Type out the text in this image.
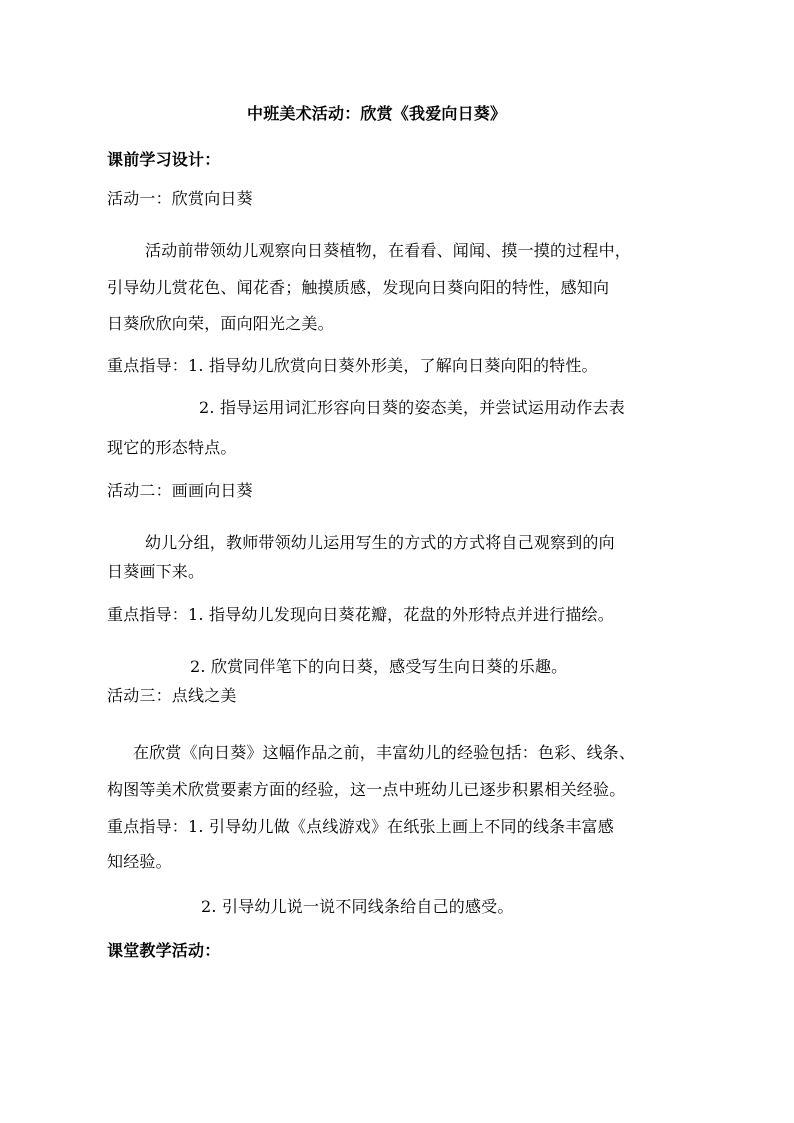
中班美术活动：欣赏《我爱向日葵》
课前学习设计：
活动一：欣赏向日葵
活动前带领幼儿观察向日葵植物，在看看、闻闻、摸一摸的过程中，
引导幼儿赏花色、闻花香；触摸质感，发现向日葵向阳的特性，感知向
日葵欣欣向荣，面向阳光之美。
重点指导：1. 指导幼儿欣赏向日葵外形美，了解向日葵向阳的特性。
2. 指导运用词汇形容向日葵的姿态美，并尝试运用动作去表
现它的形态特点。
活动二：画画向日葵
幼儿分组，教师带领幼儿运用写生的方式的方式将自己观察到的向
日葵画下来。
重点指导：1. 指导幼儿发现向日葵花瓣，花盘的外形特点并进行描绘。
2. 欣赏同伴笔下的向日葵，感受写生向日葵的乐趣。
活动三：点线之美
在欣赏《向日葵》这幅作品之前，丰富幼儿的经验包括：色彩、线条、
构图等美术欣赏要素方面的经验，这一点中班幼儿已逐步积累相关经验。
重点指导：1. 引导幼儿做《点线游戏》在纸张上画上不同的线条丰富感
知经验。
2. 引导幼儿说一说不同线条给自己的感受。
课堂教学活动：
